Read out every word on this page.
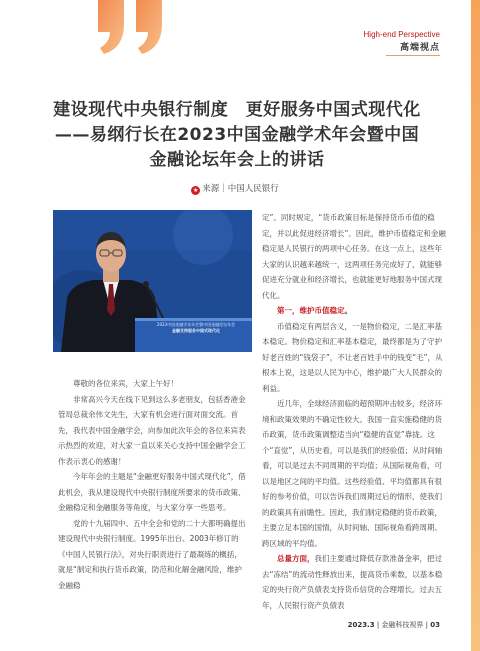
High-end Perspective
高端视点
建设现代中央银行制度　更好服务中国式现代化
——易纲行长在2023中国金融学术年会暨中国
金融论坛年会上的讲话
★ 来源｜中国人民银行
2023中国金融学术年会暨中国金融论坛年会
金融支持服务中国式现代化

尊敬的各位来宾，大家上午好！

非常高兴今天在线下见到这么多老朋友，包括香港金管局总裁余伟文先生，大家有机会进行面对面交流。首先，我代表中国金融学会，向参加此次年会的各位来宾表示热烈的欢迎，对大家一直以来关心支持中国金融学会工作表示衷心的感谢！

今年年会的主题是“金融更好服务中国式现代化”，借此机会，我从建设现代中央银行制度所要求的货币政策、金融稳定和金融服务等角度，与大家分享一些思考。

党的十九届四中、五中全会和党的二十大都明确提出建设现代中央银行制度。1995年出台、2003年修订的《中国人民银行法》，对央行职责进行了最凝练的概括，就是“制定和执行货币政策，防范和化解金融风险，维护金融稳

定”。同时规定，“货币政策目标是保持货币币值的稳定，并以此促进经济增长”。因此，维护币值稳定和金融稳定是人民银行的两项中心任务。在这一点上，这些年大家的认识越来越统一，这两项任务完成好了，就能够促进充分就业和经济增长，也就能更好地服务中国式现代化。

第一，维护币值稳定。

币值稳定有两层含义，一是物价稳定，二是汇率基本稳定。物价稳定和汇率基本稳定，最终都是为了守护好老百姓的“钱袋子”，不让老百姓手中的钱变“毛”，从根本上说，这是以人民为中心，维护最广大人民群众的利益。

近几年，全球经济面临的超预期冲击较多，经济环境和政策效果的不确定性较大。我国一直实施稳健的货币政策，货币政策调整适当向“稳健的直觉”靠拢。这个“直觉”，从历史看，可以是我们的经验值；从时间轴看，可以是过去不同周期的平均值；从国际视角看，可以是地区之间的平均值。这些经验值、平均值都具有很好的参考价值，可以告诉我们周期过后的情形，使我们的政策具有前瞻性。因此，我们制定稳健的货币政策，主要立足本国的国情，从时间轴、国际视角看跨周期、跨区域的平均值。

总量方面，我们主要通过降低存款准备金率，把过去“冻结”的流动性释放出来，提高货币乘数，以基本稳定的央行资产负债表支持货币信贷的合理增长。过去五年，人民银行资产负债表

2023.3 | 金融科技视界 | 03
